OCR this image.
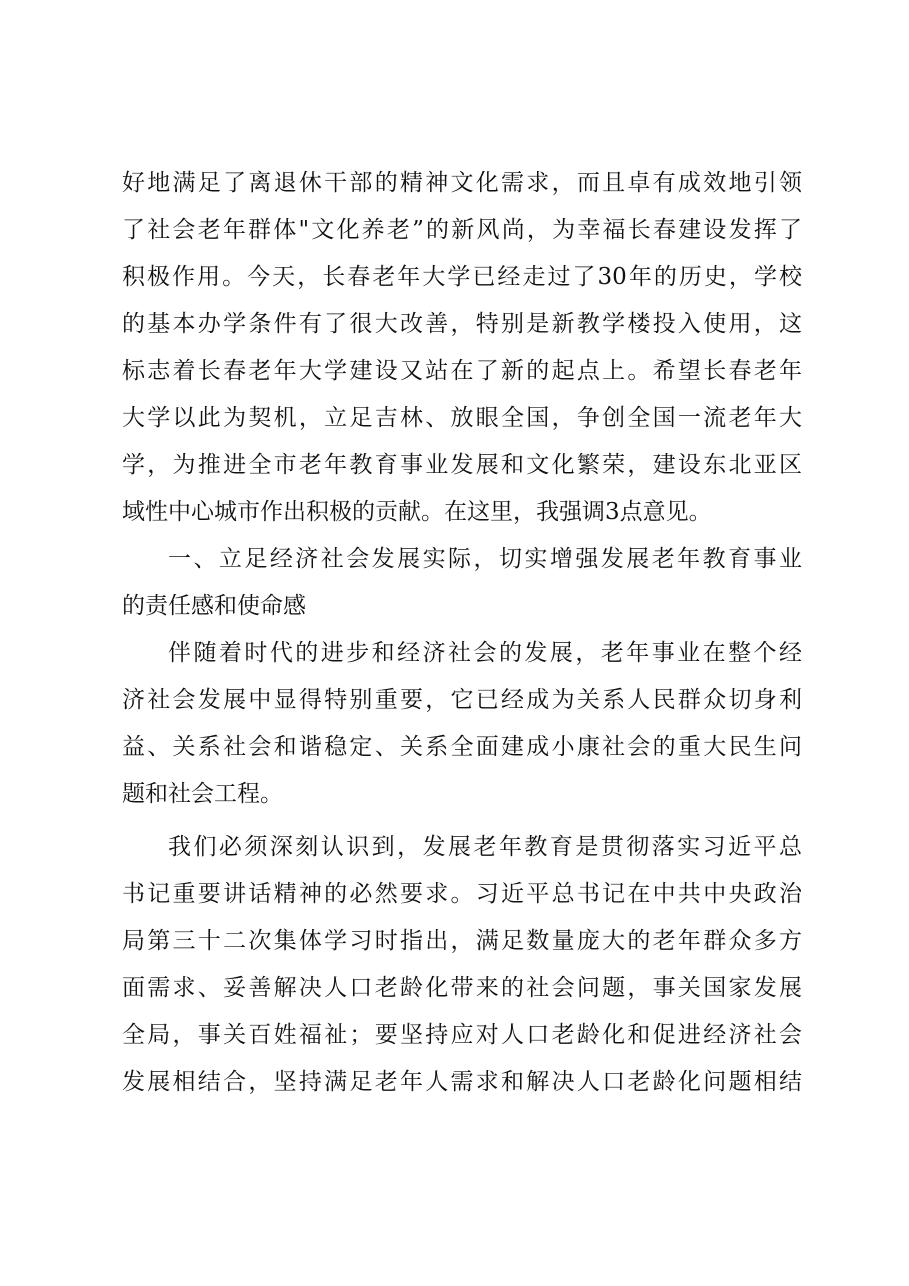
好地满足了离退休干部的精神文化需求，而且卓有成效地引领
了社会老年群体"文化养老”的新风尚，为幸福长春建设发挥了
积极作用。今天，长春老年大学已经走过了30年的历史，学校
的基本办学条件有了很大改善，特别是新教学楼投入使用，这
标志着长春老年大学建设又站在了新的起点上。希望长春老年
大学以此为契机，立足吉林、放眼全国，争创全国一流老年大
学，为推进全市老年教育事业发展和文化繁荣，建设东北亚区
域性中心城市作出积极的贡献。在这里，我强调3点意见。
一、立足经济社会发展实际，切实增强发展老年教育事业
的责任感和使命感
伴随着时代的进步和经济社会的发展，老年事业在整个经
济社会发展中显得特别重要，它已经成为关系人民群众切身利
益、关系社会和谐稳定、关系全面建成小康社会的重大民生问
题和社会工程。
我们必须深刻认识到，发展老年教育是贯彻落实习近平总
书记重要讲话精神的必然要求。习近平总书记在中共中央政治
局第三十二次集体学习时指出，满足数量庞大的老年群众多方
面需求、妥善解决人口老龄化带来的社会问题，事关国家发展
全局，事关百姓福祉；要坚持应对人口老龄化和促进经济社会
发展相结合，坚持满足老年人需求和解决人口老龄化问题相结
